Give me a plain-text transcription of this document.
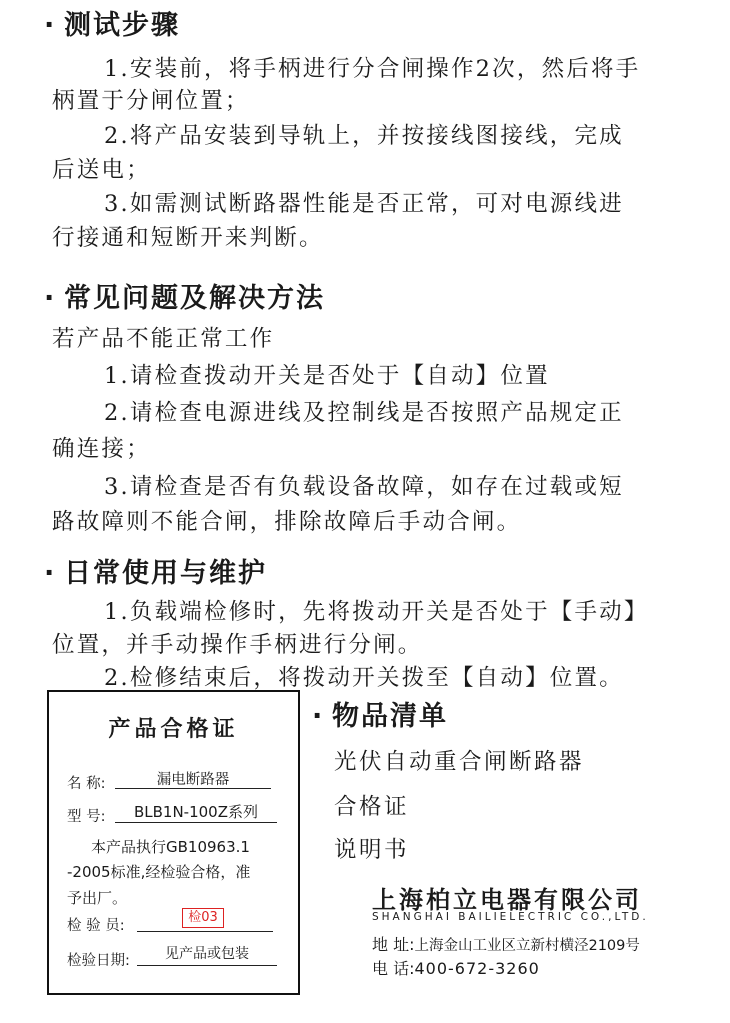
· 测试步骤
1.安装前，将手柄进行分合闸操作2次，然后将手
柄置于分闸位置；
2.将产品安装到导轨上，并按接线图接线，完成
后送电；
3.如需测试断路器性能是否正常，可对电源线进
行接通和短断开来判断。
· 常见问题及解决方法
若产品不能正常工作
1.请检查拨动开关是否处于【自动】位置
2.请检查电源进线及控制线是否按照产品规定正
确连接；
3.请检查是否有负载设备故障，如存在过载或短
路故障则不能合闸，排除故障后手动合闸。
· 日常使用与维护
1.负载端检修时，先将拨动开关是否处于【手动】
位置，并手动操作手柄进行分闸。
2.检修结束后，将拨动开关拨至【自动】位置。
产品合格证
名 称:	漏电断路器
型 号:	BLB1N-100Z系列
本产品执行GB10963.1
-2005标准,经检验合格，准
予出厂。
检 验 员:
检03
检验日期:	见产品或包装
· 物品清单
光伏自动重合闸断路器
合格证
说明书
上海柏立电器有限公司
SHANGHAI BAILIELECTRIC CO.,LTD.
地 址:上海金山工业区立新村横泾2109号
电 话:400-672-3260
